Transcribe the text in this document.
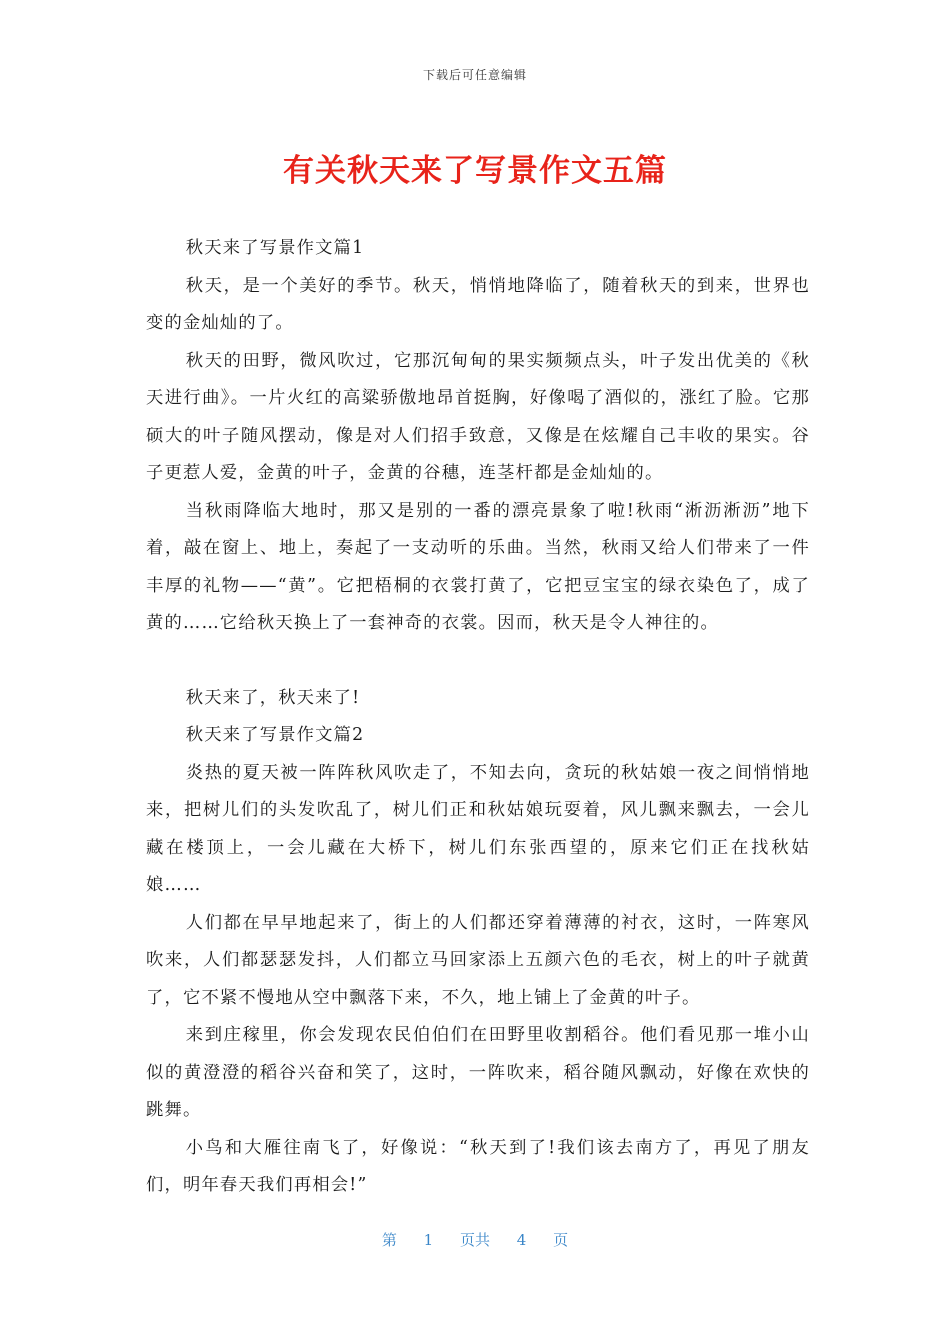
下载后可任意编辑
有关秋天来了写景作文五篇

秋天来了写景作文篇1

秋天，是一个美好的季节。秋天，悄悄地降临了，随着秋天的到来，世界也变的金灿灿的了。

秋天的田野，微风吹过，它那沉甸甸的果实频频点头，叶子发出优美的《秋天进行曲》。一片火红的高粱骄傲地昂首挺胸，好像喝了酒似的，涨红了脸。它那硕大的叶子随风摆动，像是对人们招手致意，又像是在炫耀自己丰收的果实。谷子更惹人爱，金黄的叶子，金黄的谷穗，连茎杆都是金灿灿的。

当秋雨降临大地时，那又是别的一番的漂亮景象了啦!秋雨“淅沥淅沥”地下着，敲在窗上、地上，奏起了一支动听的乐曲。当然，秋雨又给人们带来了一件丰厚的礼物——“黄”。它把梧桐的衣裳打黄了，它把豆宝宝的绿衣染色了，成了黄的……它给秋天换上了一套神奇的衣裳。因而，秋天是令人神往的。

秋天来了，秋天来了!

秋天来了写景作文篇2

炎热的夏天被一阵阵秋风吹走了，不知去向，贪玩的秋姑娘一夜之间悄悄地来，把树儿们的头发吹乱了，树儿们正和秋姑娘玩耍着，风儿飘来飘去，一会儿藏在楼顶上，一会儿藏在大桥下，树儿们东张西望的，原来它们正在找秋姑娘……

人们都在早早地起来了，街上的人们都还穿着薄薄的衬衣，这时，一阵寒风吹来，人们都瑟瑟发抖，人们都立马回家添上五颜六色的毛衣，树上的叶子就黄了，它不紧不慢地从空中飘落下来，不久，地上铺上了金黄的叶子。

来到庄稼里，你会发现农民伯伯们在田野里收割稻谷。他们看见那一堆小山似的黄澄澄的稻谷兴奋和笑了，这时，一阵吹来，稻谷随风飘动，好像在欢快的跳舞。

小鸟和大雁往南飞了，好像说：“秋天到了!我们该去南方了，再见了朋友们，明年春天我们再相会!”

第 1 页共 4 页
